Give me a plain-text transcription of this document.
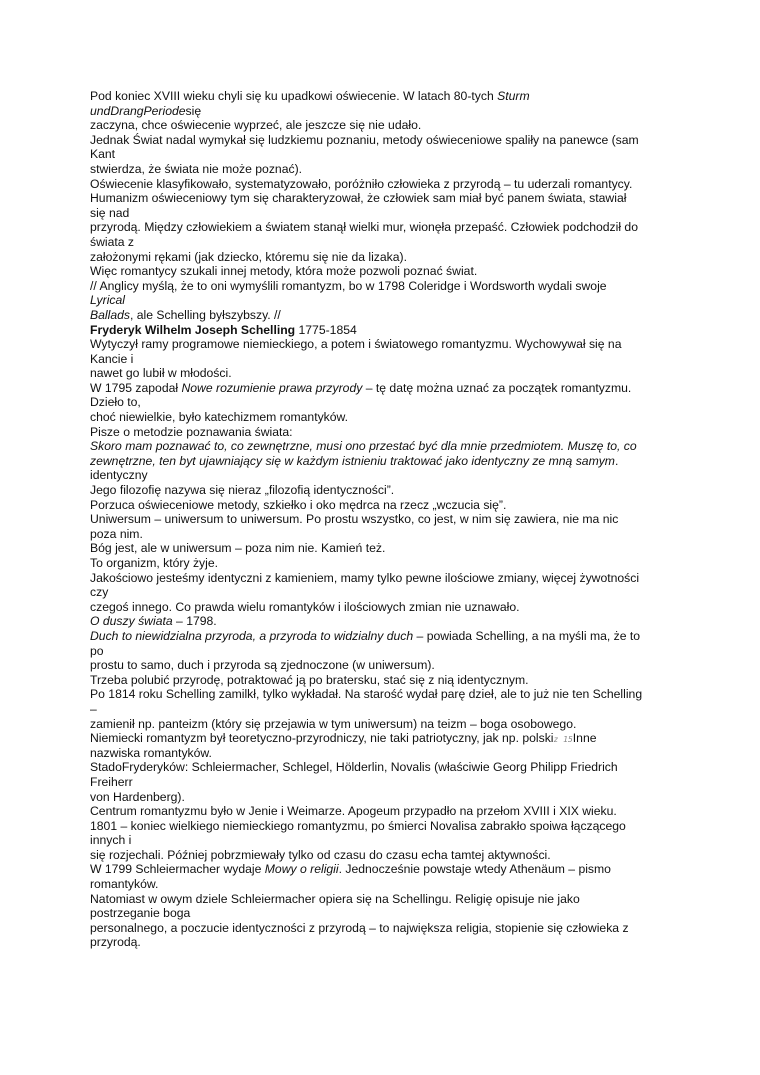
Pod koniec XVIII wieku chyli się ku upadkowi oświecenie. W latach 80-tych Sturm
undDrangPeriodesię
zaczyna, chce oświecenie wyprzeć, ale jeszcze się nie udało.
Jednak Świat nadal wymykał się ludzkiemu poznaniu, metody oświeceniowe spaliły na panewce (sam
Kant
stwierdza, że świata nie może poznać).
Oświecenie klasyfikowało, systematyzowało, poróżniło człowieka z przyrodą – tu uderzali romantycy.
Humanizm oświeceniowy tym się charakteryzował, że człowiek sam miał być panem świata, stawiał
się nad
przyrodą. Między człowiekiem a światem stanął wielki mur, wionęła przepaść. Człowiek podchodził do
świata z
założonymi rękami (jak dziecko, któremu się nie da lizaka).
Więc romantycy szukali innej metody, która może pozwoli poznać świat.
// Anglicy myślą, że to oni wymyślili romantyzm, bo w 1798 Coleridge i Wordsworth wydali swoje
Lyrical
Ballads, ale Schelling byłszybszy. //
Fryderyk Wilhelm Joseph Schelling 1775-1854
Wytyczył ramy programowe niemieckiego, a potem i światowego romantyzmu. Wychowywał się na
Kancie i
nawet go lubił w młodości.
W 1795 zapodał Nowe rozumienie prawa przyrody – tę datę można uznać za początek romantyzmu.
Dzieło to,
choć niewielkie, było katechizmem romantyków.
Pisze o metodzie poznawania świata:
Skoro mam poznawać to, co zewnętrzne, musi ono przestać być dla mnie przedmiotem. Muszę to, co
zewnętrzne, ten byt ujawniający się w każdym istnieniu traktować jako identyczny ze mną samym.
identyczny
Jego filozofię nazywa się nieraz „filozofią identyczności”.
Porzuca oświeceniowe metody, szkiełko i oko mędrca na rzecz „wczucia się”.
Uniwersum – uniwersum to uniwersum. Po prostu wszystko, co jest, w nim się zawiera, nie ma nic
poza nim.
Bóg jest, ale w uniwersum – poza nim nie. Kamień też.
To organizm, który żyje.
Jakościowo jesteśmy identyczni z kamieniem, mamy tylko pewne ilościowe zmiany, więcej żywotności
czy
czegoś innego. Co prawda wielu romantyków i ilościowych zmian nie uznawało.
O duszy świata – 1798.
Duch to niewidzialna przyroda, a przyroda to widzialny duch – powiada Schelling, a na myśli ma, że to
po
prostu to samo, duch i przyroda są zjednoczone (w uniwersum).
Trzeba polubić przyrodę, potraktować ją po bratersku, stać się z nią identycznym.
Po 1814 roku Schelling zamilkł, tylko wykładał. Na starość wydał parę dzieł, ale to już nie ten Schelling
–
zamienił np. panteizm (który się przejawia w tym uniwersum) na teizm – boga osobowego.
Niemiecki romantyzm był teoretyczno-przyrodniczy, nie taki patriotyczny, jak np. polskiz 15Inne
nazwiska romantyków.
StadoFryderyków: Schleiermacher, Schlegel, Hölderlin, Novalis (właściwie Georg Philipp Friedrich
Freiherr
von Hardenberg).
Centrum romantyzmu było w Jenie i Weimarze. Apogeum przypadło na przełom XVIII i XIX wieku.
1801 – koniec wielkiego niemieckiego romantyzmu, po śmierci Novalisa zabrakło spoiwa łączącego
innych i
się rozjechali. Później pobrzmiewały tylko od czasu do czasu echa tamtej aktywności.
W 1799 Schleiermacher wydaje Mowy o religii. Jednocześnie powstaje wtedy Athenäum – pismo
romantyków.
Natomiast w owym dziele Schleiermacher opiera się na Schellingu. Religię opisuje nie jako
postrzeganie boga
personalnego, a poczucie identyczności z przyrodą – to największa religia, stopienie się człowieka z
przyrodą.
